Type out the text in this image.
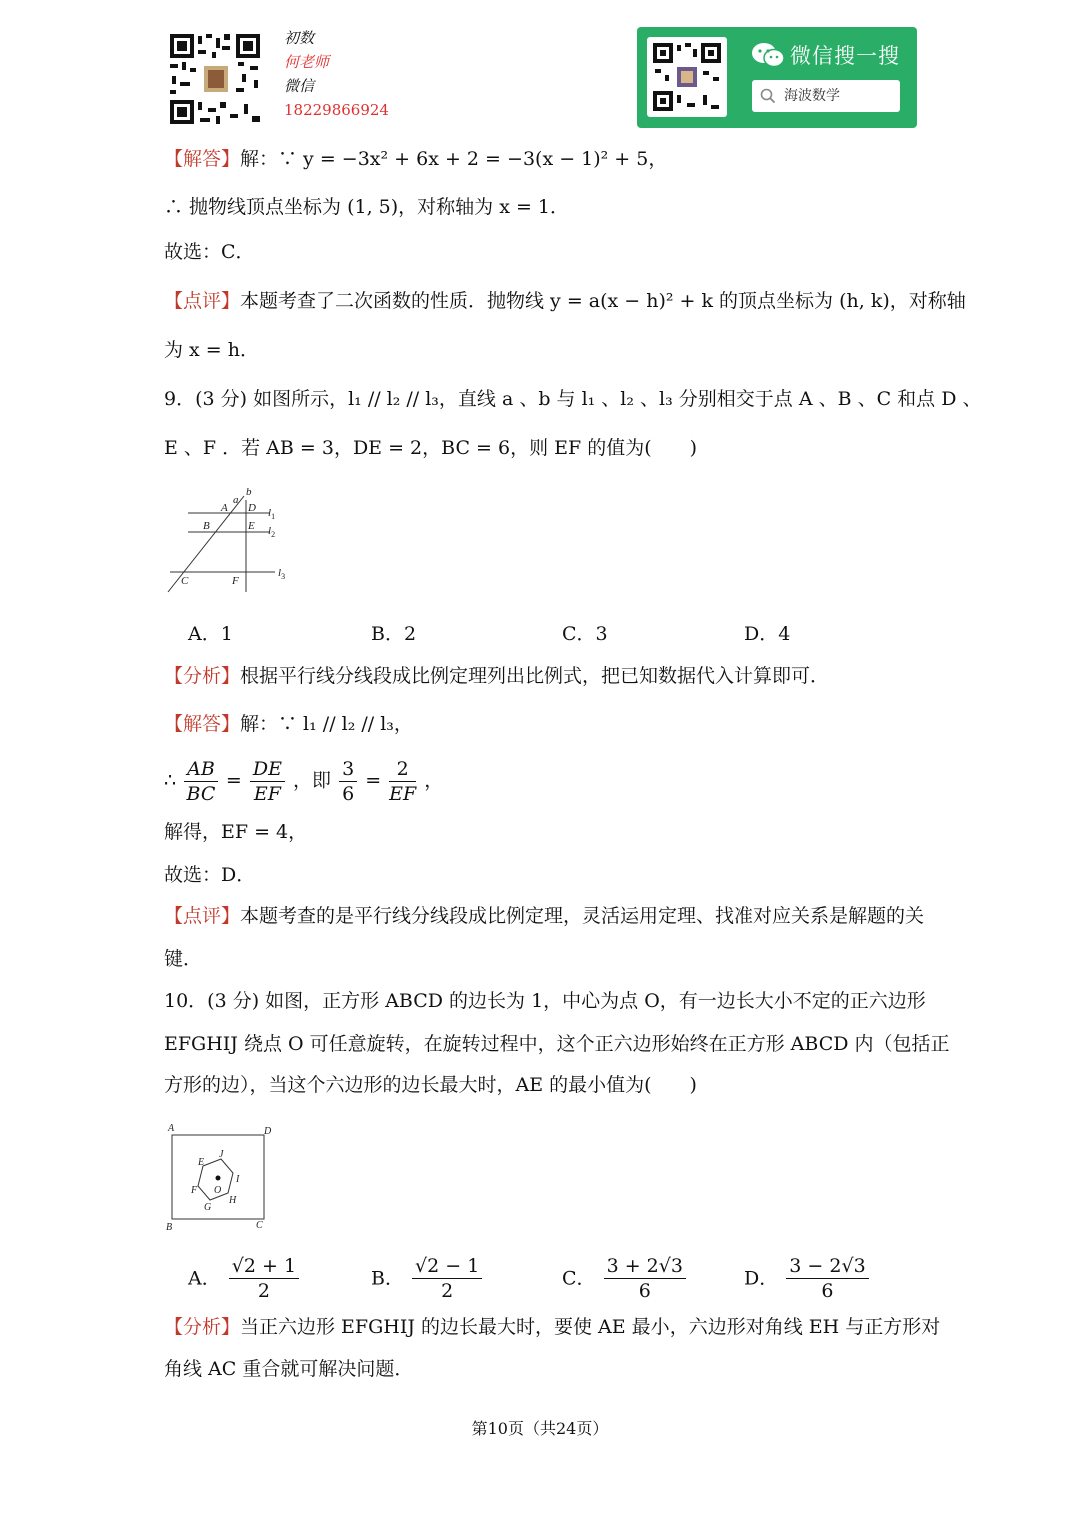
初数
何老师
微信
18229866924
微信搜一搜
海波数学
【解答】解：∵ y = −3x² + 6x + 2 = −3(x − 1)² + 5，
∴ 抛物线顶点坐标为 (1, 5)，对称轴为 x = 1．
故选：C．
【点评】本题考查了二次函数的性质．抛物线 y = a(x − h)² + k 的顶点坐标为 (h, k)，对称轴
为 x = h．
9．(3 分) 如图所示，l₁ // l₂ // l₃，直线 a 、b 与 l₁ 、l₂ 、l₃ 分别相交于点 A 、B 、C 和点 D 、
E 、F ．若 AB = 3，DE = 2，BC = 6，则 EF 的值为(　　)
a
b
A D
B	E
C	F
$l_1$
$l_2$
$l_3$
A．1	B．2	C．3	D．4
【分析】根据平行线分线段成比例定理列出比例式，把已知数据代入计算即可．
【解答】解：∵ l₁ // l₂ // l₃，
∴ $\frac{AB}{BC} = \frac{DE}{EF}$ ，即 $\frac{3}{6} = \frac{2}{EF}$ ，
解得，EF = 4，
故选：D．
【点评】本题考查的是平行线分线段成比例定理，灵活运用定理、找准对应关系是解题的关
键．
10．(3 分) 如图，正方形 ABCD 的边长为 1，中心为点 O，有一边长大小不定的正六边形
EFGHIJ 绕点 O 可任意旋转，在旋转过程中，这个正六边形始终在正方形 ABCD 内（包括正
方形的边），当这个六边形的边长最大时，AE 的最小值为(　　)
A	D
B	C
E
J
I
F O
G
H
A． $\frac{√2 + 1}{2}$	B． $\frac{√2 - 1}{2}$	C． $\frac{3 + 2√3}{6}$	D． $\frac{3 - 2√3}{6}$
【分析】当正六边形 EFGHIJ 的边长最大时，要使 AE 最小，六边形对角线 EH 与正方形对
角线 AC 重合就可解决问题．
第10页（共24页）
